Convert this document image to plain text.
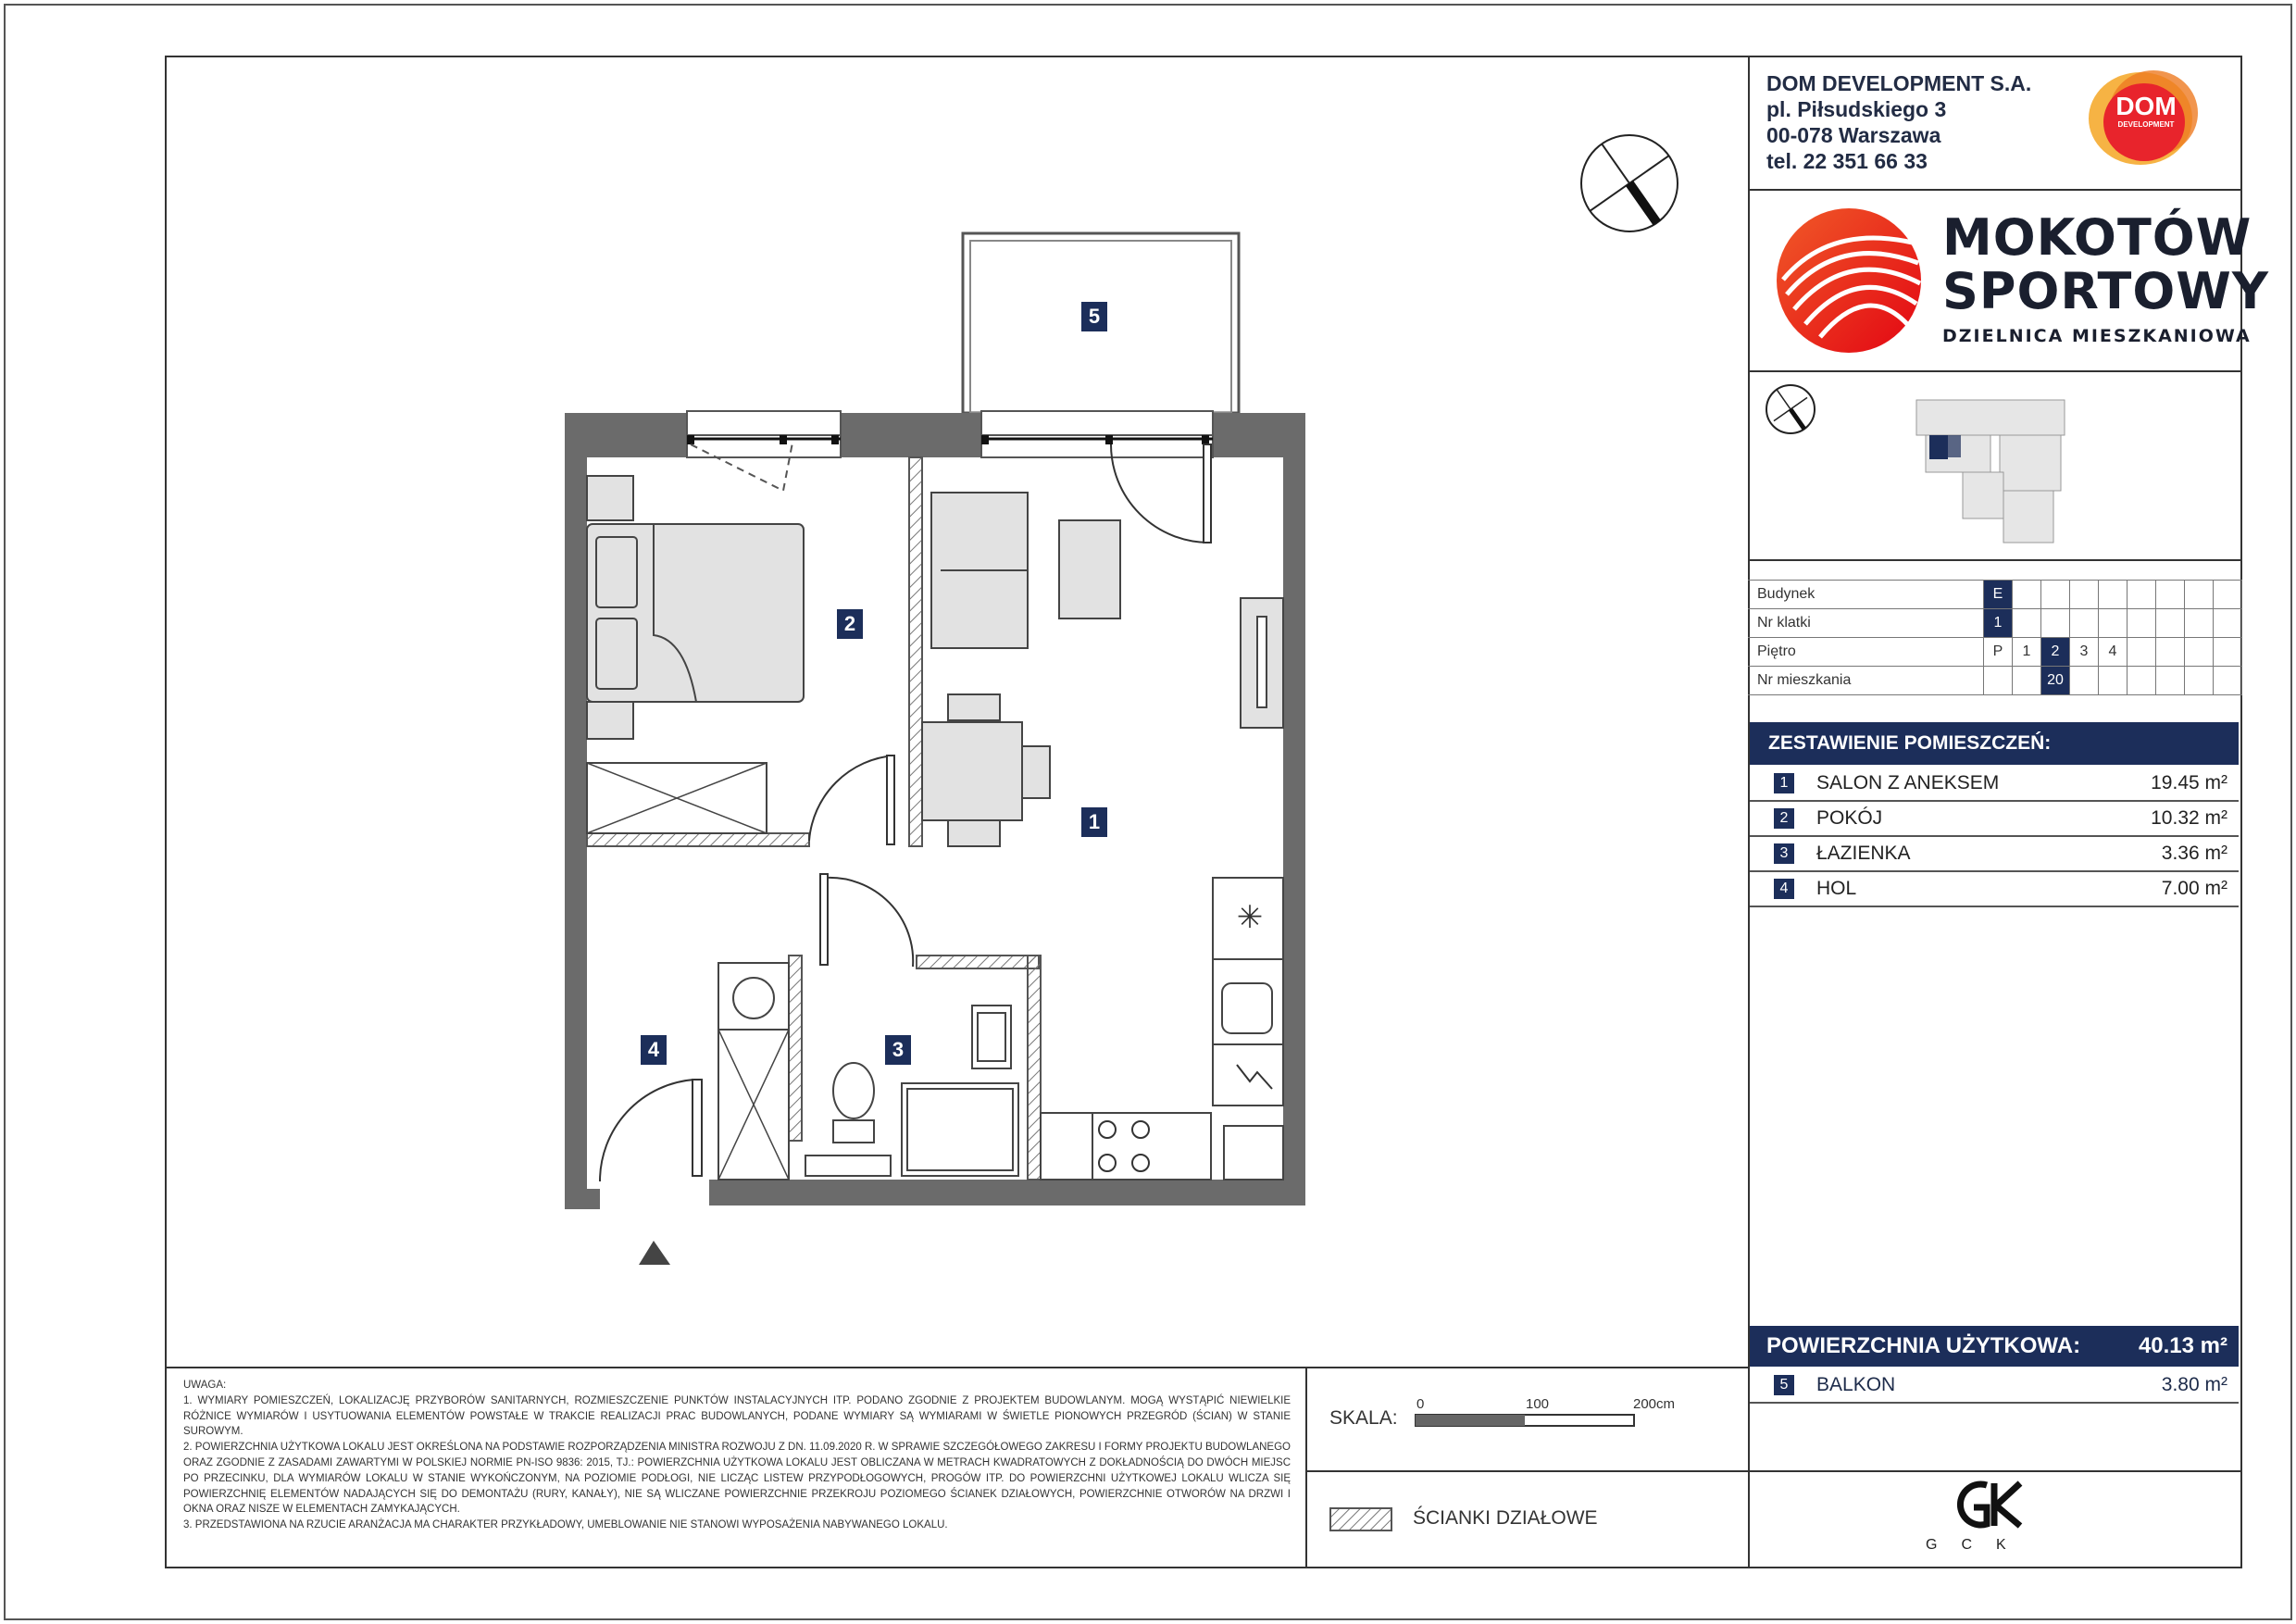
DOM DEVELOPMENT S.A.
pl. Piłsudskiego 3
00-078 Warszawa
tel. 22 351 66 33
DOM
DEVELOPMENT
MOKOTÓW
SPORTOWY
DZIELNICA MIESZKANIOWA
Budynek	E								
Nr klatki	1								
Piętro	P	1	2	3	4				
Nr mieszkania			20						
ZESTAWIENIE POMIESZCZEŃ:
1	SALON Z ANEKSEM	19.45 m²
2	POKÓJ	10.32 m²
3	ŁAZIENKA	3.36 m²
4	HOL	7.00 m²
POWIERZCHNIA UŻYTKOWA:	40.13 m²
5	BALKON	3.80 m²
UWAGA:
1. WYMIARY POMIESZCZEŃ, LOKALIZACJĘ PRZYBORÓW SANITARNYCH, ROZMIESZCZENIE PUNKTÓW INSTALACYJNYCH ITP. PODANO ZGODNIE Z PROJEKTEM BUDOWLANYM. MOGĄ WYSTĄPIĆ NIEWIELKIE RÓŻNICE WYMIARÓW I USYTUOWANIA ELEMENTÓW POWSTAŁE W TRAKCIE REALIZACJI PRAC BUDOWLANYCH, PODANE WYMIARY SĄ WYMIARAMI W ŚWIETLE PIONOWYCH PRZEGRÓD (ŚCIAN) W STANIE SUROWYM.
2. POWIERZCHNIA UŻYTKOWA LOKALU JEST OKREŚLONA NA PODSTAWIE ROZPORZĄDZENIA MINISTRA ROZWOJU Z DN. 11.09.2020 R. W SPRAWIE SZCZEGÓŁOWEGO ZAKRESU I FORMY PROJEKTU BUDOWLANEGO ORAZ ZGODNIE Z ZASADAMI ZAWARTYMI W POLSKIEJ NORMIE PN-ISO 9836: 2015, TJ.: POWIERZCHNIA UŻYTKOWA LOKALU JEST OBLICZANA W METRACH KWADRATOWYCH Z DOKŁADNOŚCIĄ DO DWÓCH MIEJSC PO PRZECINKU, DLA WYMIARÓW LOKALU W STANIE WYKOŃCZONYM, NA POZIOMIE PODŁOGI, NIE LICZĄC LISTEW PRZYPODŁOGOWYCH, PROGÓW ITP. DO POWIERZCHNI UŻYTKOWEJ LOKALU WLICZA SIĘ POWIERZCHNIĘ ELEMENTÓW NADAJĄCYCH SIĘ DO DEMONTAŻU (RURY, KANAŁY), NIE SĄ WLICZANE POWIERZCHNIE PRZEKROJU POZIOMEGO ŚCIANEK DZIAŁOWYCH, POWIERZCHNIE OTWORÓW NA DRZWI I OKNA ORAZ NISZE W ELEMENTACH ZAMYKAJĄCYCH.
3. PRZEDSTAWIONA NA RZUCIE ARANŻACJA MA CHARAKTER PRZYKŁADOWY, UMEBLOWANIE NIE STANOWI WYPOSAŻENIA NABYWANEGO LOKALU.
SKALA:
0	100	200cm
ŚCIANKI DZIAŁOWE
GCK
✳
5
2
1
3
4
